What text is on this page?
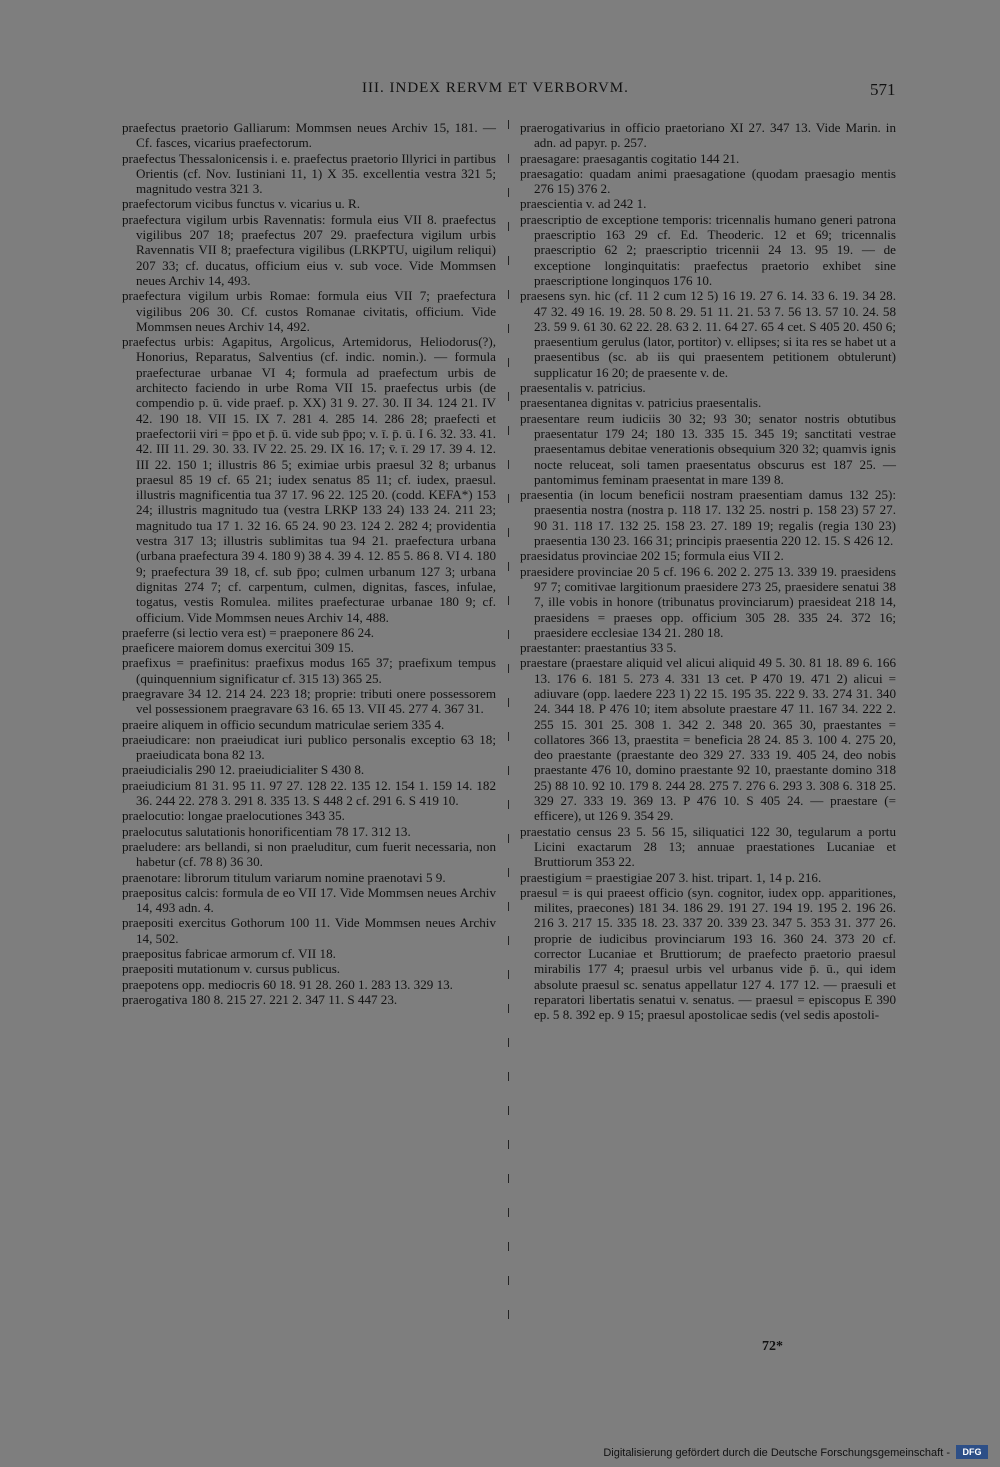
III. INDEX RERVM ET VERBORVM.	571

praefectus praetorio Galliarum: Mommsen neues Archiv 15, 181. — Cf. fasces, vicarius praefectorum.

praefectus Thessalonicensis i. e. praefectus praetorio Illyrici in partibus Orientis (cf. Nov. Iustiniani 11, 1) X 35. excellentia vestra 321 5; magnitudo vestra 321 3.

praefectorum vicibus functus v. vicarius u. R.

praefectura vigilum urbis Ravennatis: formula eius VII 8. praefectus vigilibus 207 18; praefectus 207 29. praefectura vigilum urbis Ravennatis VII 8; praefectura vigilibus (LRKPTU, uigilum reliqui) 207 33; cf. ducatus, officium eius v. sub voce. Vide Mommsen neues Archiv 14, 493.

praefectura vigilum urbis Romae: formula eius VII 7; praefectura vigilibus 206 30. Cf. custos Romanae civitatis, officium. Vide Mommsen neues Archiv 14, 492.

praefectus urbis: Agapitus, Argolicus, Artemidorus, Heliodorus(?), Honorius, Reparatus, Salventius (cf. indic. nomin.). — formula praefecturae urbanae VI 4; formula ad praefectum urbis de architecto faciendo in urbe Roma VII 15. praefectus urbis (de compendio p. ū. vide praef. p. XX) 31 9. 27. 30. II 34. 124 21. IV 42. 190 18. VII 15. IX 7. 281 4. 285 14. 286 28; praefecti et praefectorii viri = p̄po et p̄. ū. vide sub p̄po; v. ī. p̄. ū. I 6. 32. 33. 41. 42. III 11. 29. 30. 33. IV 22. 25. 29. IX 16. 17; v̄. ī. 29 17. 39 4. 12. III 22. 150 1; illustris 86 5; eximiae urbis praesul 32 8; urbanus praesul 85 19 cf. 65 21; iudex senatus 85 11; cf. iudex, praesul. illustris magnificentia tua 37 17. 96 22. 125 20. (codd. KEFA*) 153 24; illustris magnitudo tua (vestra LRKP 133 24) 133 24. 211 23; magnitudo tua 17 1. 32 16. 65 24. 90 23. 124 2. 282 4; providentia vestra 317 13; illustris sublimitas tua 94 21. praefectura urbana (urbana praefectura 39 4. 180 9) 38 4. 39 4. 12. 85 5. 86 8. VI 4. 180 9; praefectura 39 18, cf. sub p̄po; culmen urbanum 127 3; urbana dignitas 274 7; cf. carpentum, culmen, dignitas, fasces, infulae, togatus, vestis Romulea. milites praefecturae urbanae 180 9; cf. officium. Vide Mommsen neues Archiv 14, 488.

praeferre (si lectio vera est) = praeponere 86 24.

praeficere maiorem domus exercitui 309 15.

praefixus = praefinitus: praefixus modus 165 37; praefixum tempus (quinquennium significatur cf. 315 13) 365 25.

praegravare 34 12. 214 24. 223 18; proprie: tributi onere possessorem vel possessionem praegravare 63 16. 65 13. VII 45. 277 4. 367 31.

praeire aliquem in officio secundum matriculae seriem 335 4.

praeiudicare: non praeiudicat iuri publico personalis exceptio 63 18; praeiudicata bona 82 13.

praeiudicialis 290 12. praeiudicialiter S 430 8.

praeiudicium 81 31. 95 11. 97 27. 128 22. 135 12. 154 1. 159 14. 182 36. 244 22. 278 3. 291 8. 335 13. S 448 2 cf. 291 6. S 419 10.

praelocutio: longae praelocutiones 343 35.

praelocutus salutationis honorificentiam 78 17. 312 13.

praeludere: ars bellandi, si non praeluditur, cum fuerit necessaria, non habetur (cf. 78 8) 36 30.

praenotare: librorum titulum variarum nomine praenotavi 5 9.

praepositus calcis: formula de eo VII 17. Vide Mommsen neues Archiv 14, 493 adn. 4.

praepositi exercitus Gothorum 100 11. Vide Mommsen neues Archiv 14, 502.

praepositus fabricae armorum cf. VII 18.

praepositi mutationum v. cursus publicus.

praepotens opp. mediocris 60 18. 91 28. 260 1. 283 13. 329 13.

praerogativa 180 8. 215 27. 221 2. 347 11. S 447 23.

praerogativarius in officio praetoriano XI 27. 347 13. Vide Marin. in adn. ad papyr. p. 257.

praesagare: praesagantis cogitatio 144 21.

praesagatio: quadam animi praesagatione (quodam praesagio mentis 276 15) 376 2.

praescientia v. ad 242 1.

praescriptio de exceptione temporis: tricennalis humano generi patrona praescriptio 163 29 cf. Ed. Theoderic. 12 et 69; tricennalis praescriptio 62 2; praescriptio tricennii 24 13. 95 19. — de exceptione longinquitatis: praefectus praetorio exhibet sine praescriptione longinquos 176 10.

praesens syn. hic (cf. 11 2 cum 12 5) 16 19. 27 6. 14. 33 6. 19. 34 28. 47 32. 49 16. 19. 28. 50 8. 29. 51 11. 21. 53 7. 56 13. 57 10. 24. 58 23. 59 9. 61 30. 62 22. 28. 63 2. 11. 64 27. 65 4 cet. S 405 20. 450 6; praesentium gerulus (lator, portitor) v. ellipses; si ita res se habet ut a praesentibus (sc. ab iis qui praesentem petitionem obtulerunt) supplicatur 16 20; de praesente v. de.

praesentalis v. patricius.

praesentanea dignitas v. patricius praesentalis.

praesentare reum iudiciis 30 32; 93 30; senator nostris obtutibus praesentatur 179 24; 180 13. 335 15. 345 19; sanctitati vestrae praesentamus debitae venerationis obsequium 320 32; quamvis ignis nocte reluceat, soli tamen praesentatus obscurus est 187 25. — pantomimus feminam praesentat in mare 139 8.

praesentia (in locum beneficii nostram praesentiam damus 132 25): praesentia nostra (nostra p. 118 17. 132 25. nostri p. 158 23) 57 27. 90 31. 118 17. 132 25. 158 23. 27. 189 19; regalis (regia 130 23) praesentia 130 23. 166 31; principis praesentia 220 12. 15. S 426 12.

praesidatus provinciae 202 15; formula eius VII 2.

praesidere provinciae 20 5 cf. 196 6. 202 2. 275 13. 339 19. praesidens 97 7; comitivae largitionum praesidere 273 25, praesidere senatui 38 7, ille vobis in honore (tribunatus provinciarum) praesideat 218 14, praesidens = praeses opp. officium 305 28. 335 24. 372 16; praesidere ecclesiae 134 21. 280 18.

praestanter: praestantius 33 5.

praestare (praestare aliquid vel alicui aliquid 49 5. 30. 81 18. 89 6. 166 13. 176 6. 181 5. 273 4. 331 13 cet. P 470 19. 471 2) alicui = adiuvare (opp. laedere 223 1) 22 15. 195 35. 222 9. 33. 274 31. 340 24. 344 18. P 476 10; item absolute praestare 47 11. 167 34. 222 2. 255 15. 301 25. 308 1. 342 2. 348 20. 365 30, praestantes = collatores 366 13, praestita = beneficia 28 24. 85 3. 100 4. 275 20, deo praestante (praestante deo 329 27. 333 19. 405 24, deo nobis praestante 476 10, domino praestante 92 10, praestante domino 318 25) 88 10. 92 10. 179 8. 244 28. 275 7. 276 6. 293 3. 308 6. 318 25. 329 27. 333 19. 369 13. P 476 10. S 405 24. — praestare (= efficere), ut 126 9. 354 29.

praestatio census 23 5. 56 15, siliquatici 122 30, tegularum a portu Licini exactarum 28 13; annuae praestationes Lucaniae et Bruttiorum 353 22.

praestigium = praestigiae 207 3. hist. tripart. 1, 14 p. 216.

praesul = is qui praeest officio (syn. cognitor, iudex opp. apparitiones, milites, praecones) 181 34. 186 29. 191 27. 194 19. 195 2. 196 26. 216 3. 217 15. 335 18. 23. 337 20. 339 23. 347 5. 353 31. 377 26. proprie de iudicibus provinciarum 193 16. 360 24. 373 20 cf. corrector Lucaniae et Bruttiorum; de praefecto praetorio praesul mirabilis 177 4; praesul urbis vel urbanus vide p̄. ū., qui idem absolute praesul sc. senatus appellatur 127 4. 177 12. — praesuli et reparatori libertatis senatui v. senatus. — praesul = episcopus E 390 ep. 5 8. 392 ep. 9 15; praesul apostolicae sedis (vel sedis apostoli-

72*
Digitalisierung gefördert durch die Deutsche Forschungsgemeinschaft -	DFG
